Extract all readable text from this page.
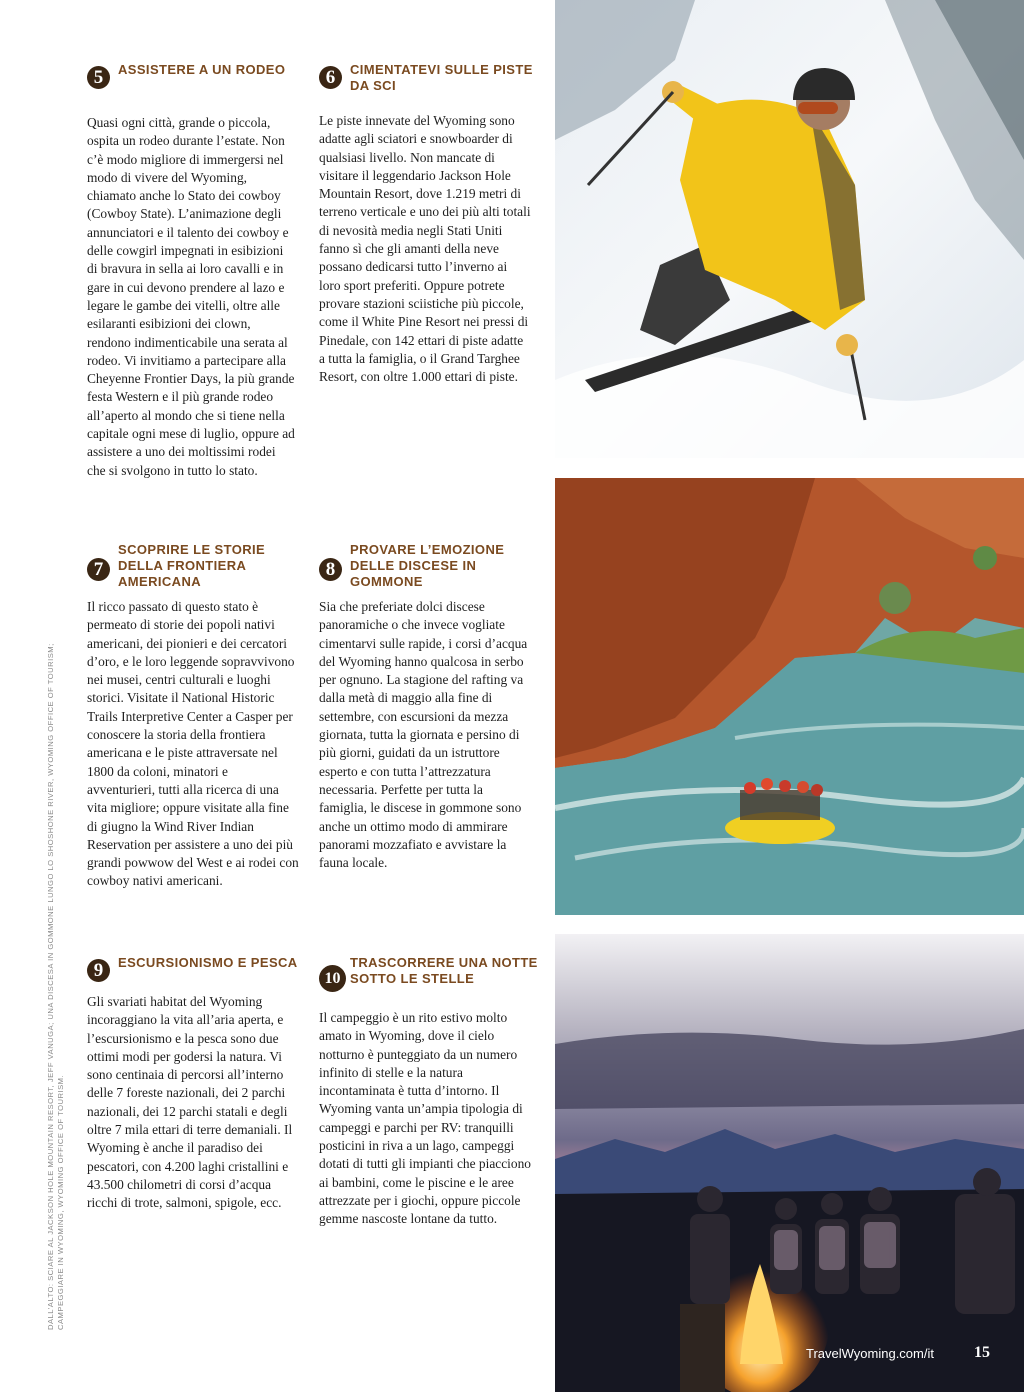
5	ASSISTERE A UN RODEO

Quasi ogni città, grande o piccola, ospita un rodeo durante l’estate. Non c’è modo migliore di immergersi nel modo di vivere del Wyoming, chiamato anche lo Stato dei cowboy (Cowboy State). L’animazione degli annunciatori e il talento dei cowboy e delle cowgirl impegnati in esibizioni di bravura in sella ai loro cavalli e in gare in cui devono prendere al lazo e legare le gambe dei vitelli, oltre alle esilaranti esibizioni dei clown, rendono indimenticabile una serata al rodeo. Vi invitiamo a partecipare alla Cheyenne Frontier Days, la più grande festa Western e il più grande rodeo all’aperto al mondo che si tiene nella capitale ogni mese di luglio, oppure ad assistere a uno dei moltissimi rodei che si svolgono in tutto lo stato.

6	CIMENTATEVI SULLE PISTE DA SCI

Le piste innevate del Wyoming sono adatte agli sciatori e snowboarder di qualsiasi livello. Non mancate di visitare il leggendario Jackson Hole Mountain Resort, dove 1.219 metri di terreno verticale e uno dei più alti totali di nevosità media negli Stati Uniti fanno sì che gli amanti della neve possano dedicarsi tutto l’inverno ai loro sport preferiti. Oppure potrete provare stazioni sciistiche più piccole, come il White Pine Resort nei pressi di Pinedale, con 142 ettari di piste adatte a tutta la famiglia, o il Grand Targhee Resort, con oltre 1.000 ettari di piste.

7
SCOPRIRE LE STORIE DELLA FRONTIERA AMERICANA

Il ricco passato di questo stato è permeato di storie dei popoli nativi americani, dei pionieri e dei cercatori d’oro, e le loro leggende sopravvivono nei musei, centri culturali e luoghi storici. Visitate il National Historic Trails Interpretive Center a Casper per conoscere la storia della frontiera americana e le piste attraversate nel 1800 da coloni, minatori e avventurieri, tutti alla ricerca di una vita migliore; oppure visitate alla fine di giugno la Wind River Indian Reservation per assistere a uno dei più grandi powwow del West e ai rodei con cowboy nativi americani.

8
PROVARE L’EMOZIONE DELLE DISCESE IN GOMMONE

Sia che preferiate dolci discese panoramiche o che invece vogliate cimentarvi sulle rapide, i corsi d’acqua del Wyoming hanno qualcosa in serbo per ognuno. La stagione del rafting va dalla metà di maggio alla fine di settembre, con escursioni da mezza giornata, tutta la giornata e persino di più giorni, guidati da un istruttore esperto e con tutta l’attrezzatura necessaria. Perfette per tutta la famiglia, le discese in gommone sono anche un ottimo modo di ammirare panorami mozzafiato e avvistare la fauna locale.

9	ESCURSIONISMO E PESCA

Gli svariati habitat del Wyoming incoraggiano la vita all’aria aperta, e l’escursionismo e la pesca sono due ottimi modi per godersi la natura. Vi sono centinaia di percorsi all’interno delle 7 foreste nazionali, dei 2 parchi nazionali, dei 12 parchi statali e degli oltre 7 mila ettari di terre demaniali. Il Wyoming è anche il paradiso dei pescatori, con 4.200 laghi cristallini e 43.500 chilometri di corsi d’acqua ricchi di trote, salmoni, spigole, ecc.

10
TRASCORRERE UNA NOTTE SOTTO LE STELLE

Il campeggio è un rito estivo molto amato in Wyoming, dove il cielo notturno è punteggiato da un numero infinito di stelle e la natura incontaminata è tutta d’intorno. Il Wyoming vanta un’ampia tipologia di campeggi e parchi per RV: tranquilli posticini in riva a un lago, campeggi dotati di tutti gli impianti che piacciono ai bambini, come le piscine e le aree attrezzate per i giochi, oppure piccole gemme nascoste lontane da tutto.

DALL’ALTO: SCIARE AL JACKSON HOLE MOUNTAIN RESORT, JEFF VANUGA; UNA DISCESA IN GOMMONE LUNGO LO SHOSHONE RIVER, WYOMING OFFICE OF TOURISM; CAMPEGGIARE IN WYOMING, WYOMING OFFICE OF TOURISM.
TravelWyoming.com/it	15
